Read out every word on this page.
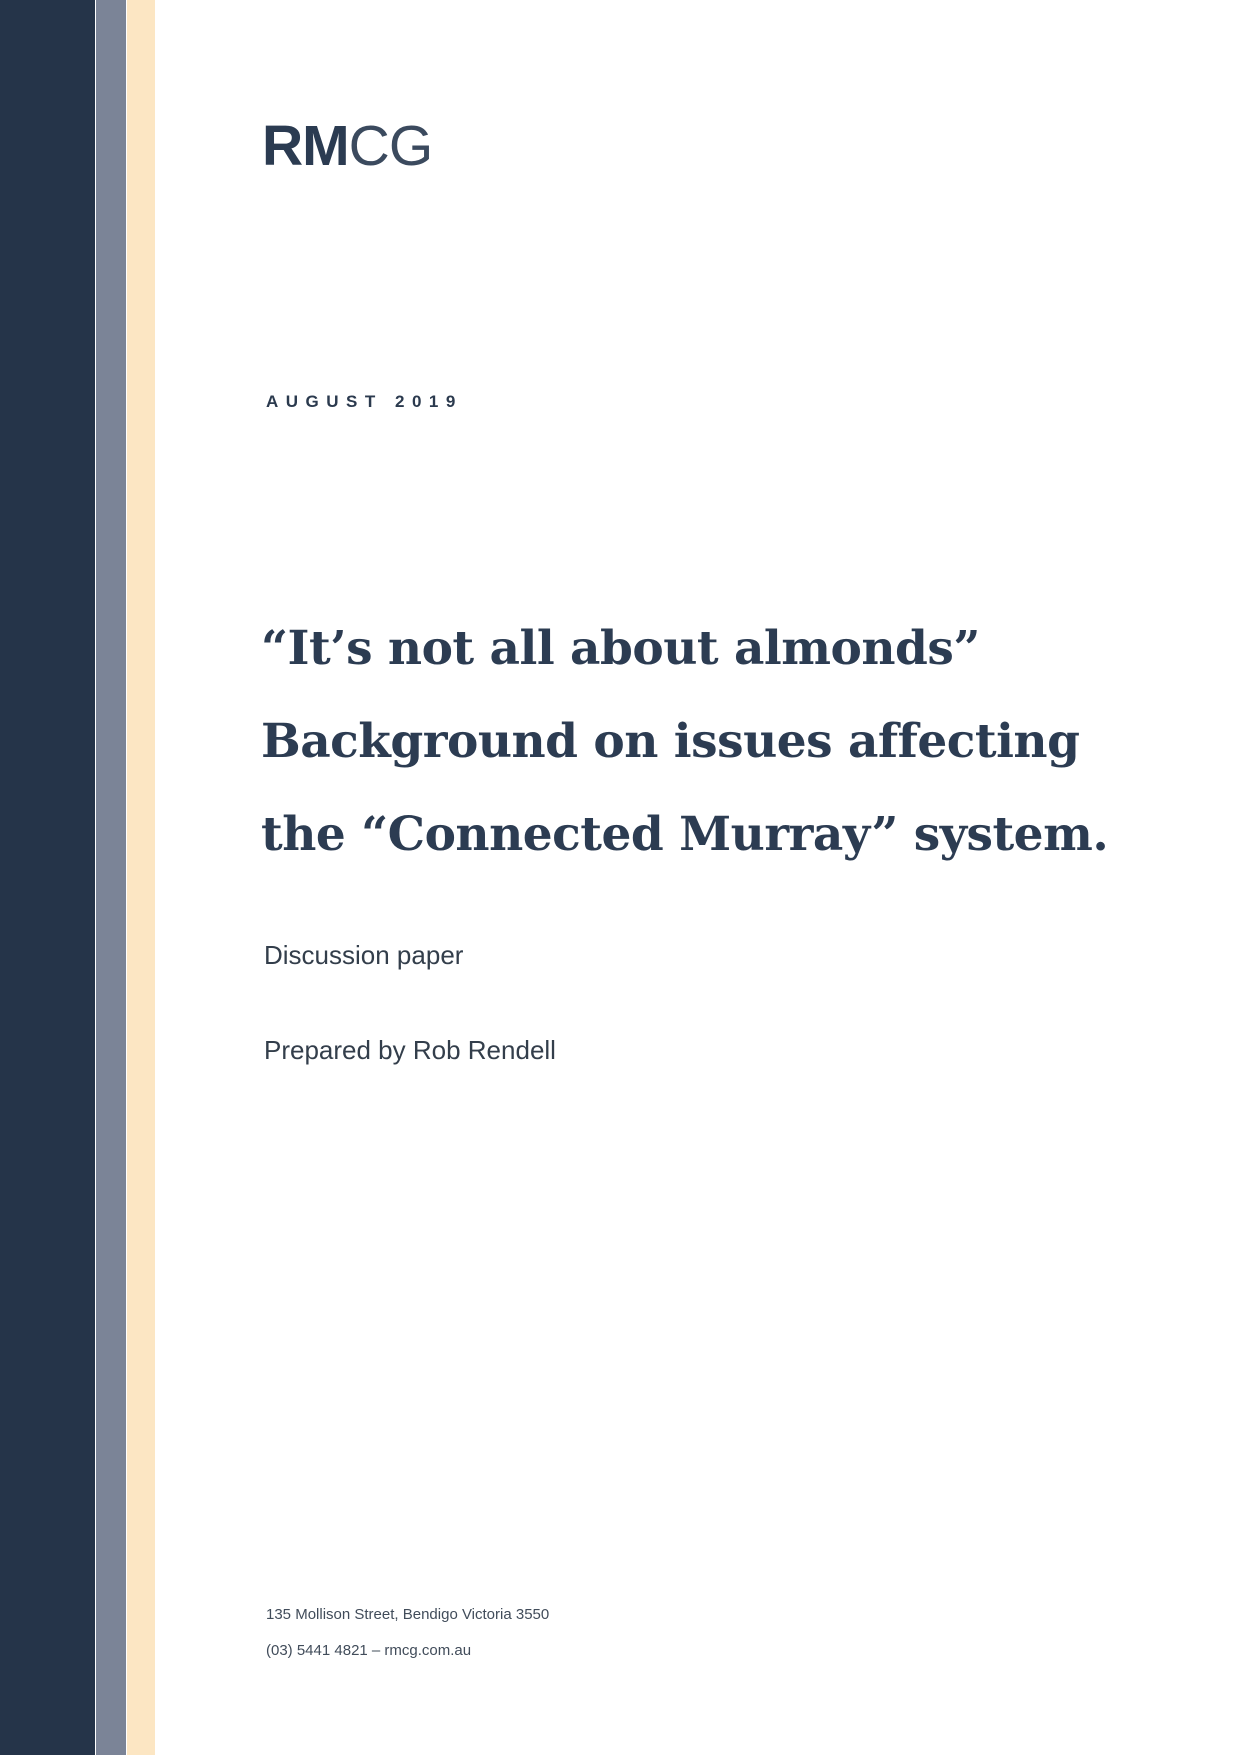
RMCG
AUGUST 2019
“It’s not all about almonds”
Background on issues affecting
the “Connected Murray” system.
Discussion paper
Prepared by Rob Rendell
135 Mollison Street, Bendigo Victoria 3550
(03) 5441 4821 – rmcg.com.au
